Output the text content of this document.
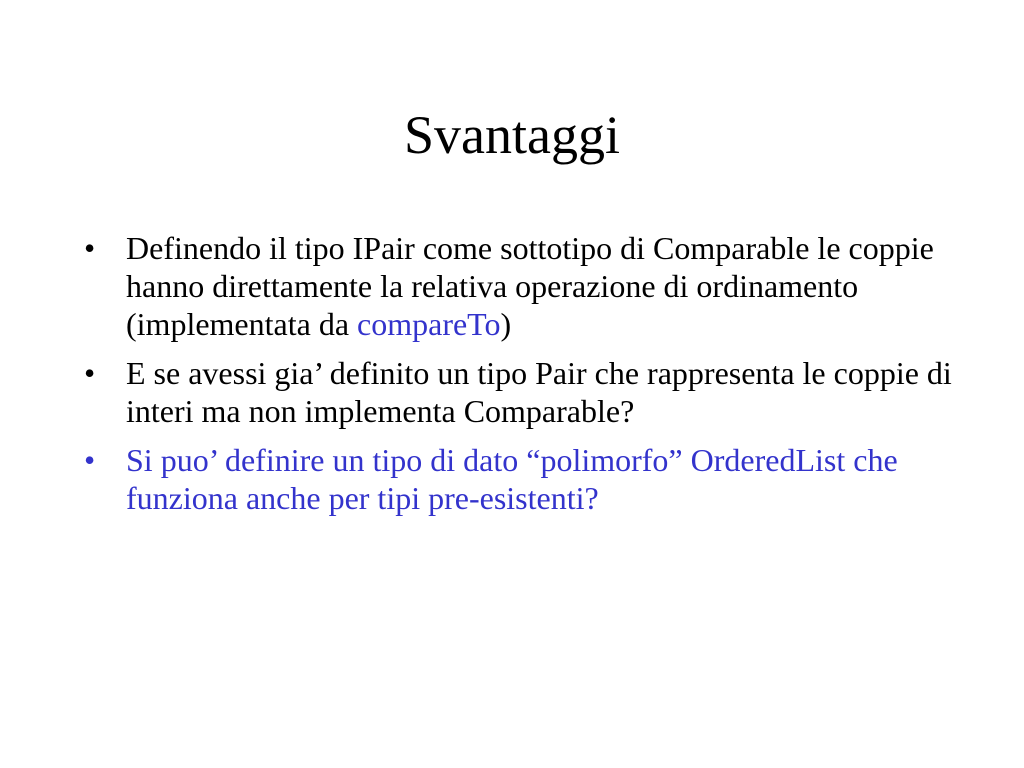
Svantaggi
• Definendo il tipo IPair come sottotipo di Comparable le coppie hanno direttamente la relativa operazione di ordinamento (implementata da compareTo)
• E se avessi gia’ definito un tipo Pair che rappresenta le coppie di interi ma non implementa Comparable?
• Si puo’ definire un tipo di dato “polimorfo” OrderedList che funziona anche per tipi pre-esistenti?
